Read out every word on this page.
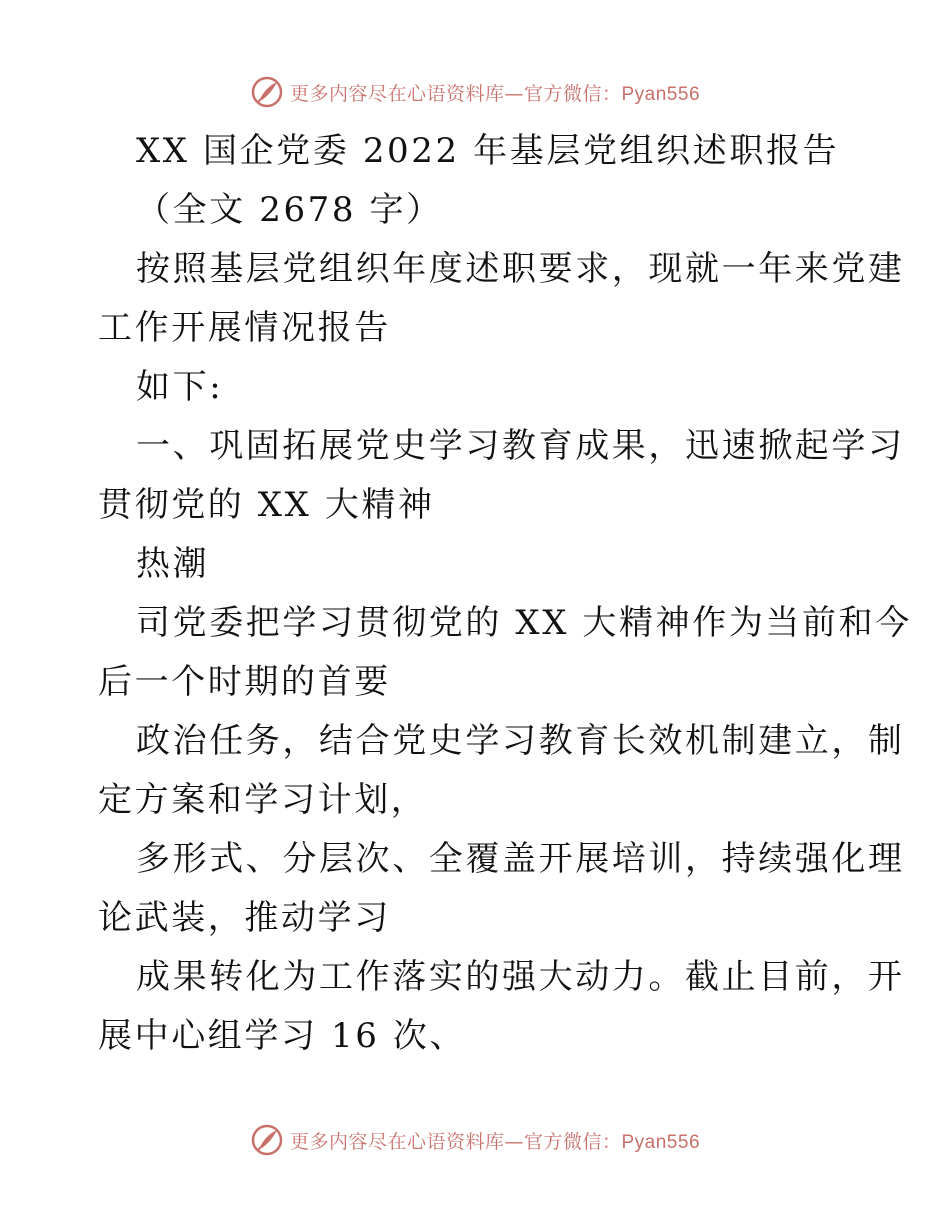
更多内容尽在心语资料库—官方微信：Pyan556
XX 国企党委 2022 年基层党组织述职报告
（全文 2678 字）
按照基层党组织年度述职要求，现就一年来党建
工作开展情况报告
如下:
一、巩固拓展党史学习教育成果，迅速掀起学习
贯彻党的 XX 大精神
热潮
司党委把学习贯彻党的 XX 大精神作为当前和今
后一个时期的首要
政治任务，结合党史学习教育长效机制建立，制
定方案和学习计划，
多形式、分层次、全覆盖开展培训，持续强化理
论武装，推动学习
成果转化为工作落实的强大动力。截止目前，开
展中心组学习 16 次、
更多内容尽在心语资料库—官方微信：Pyan556
